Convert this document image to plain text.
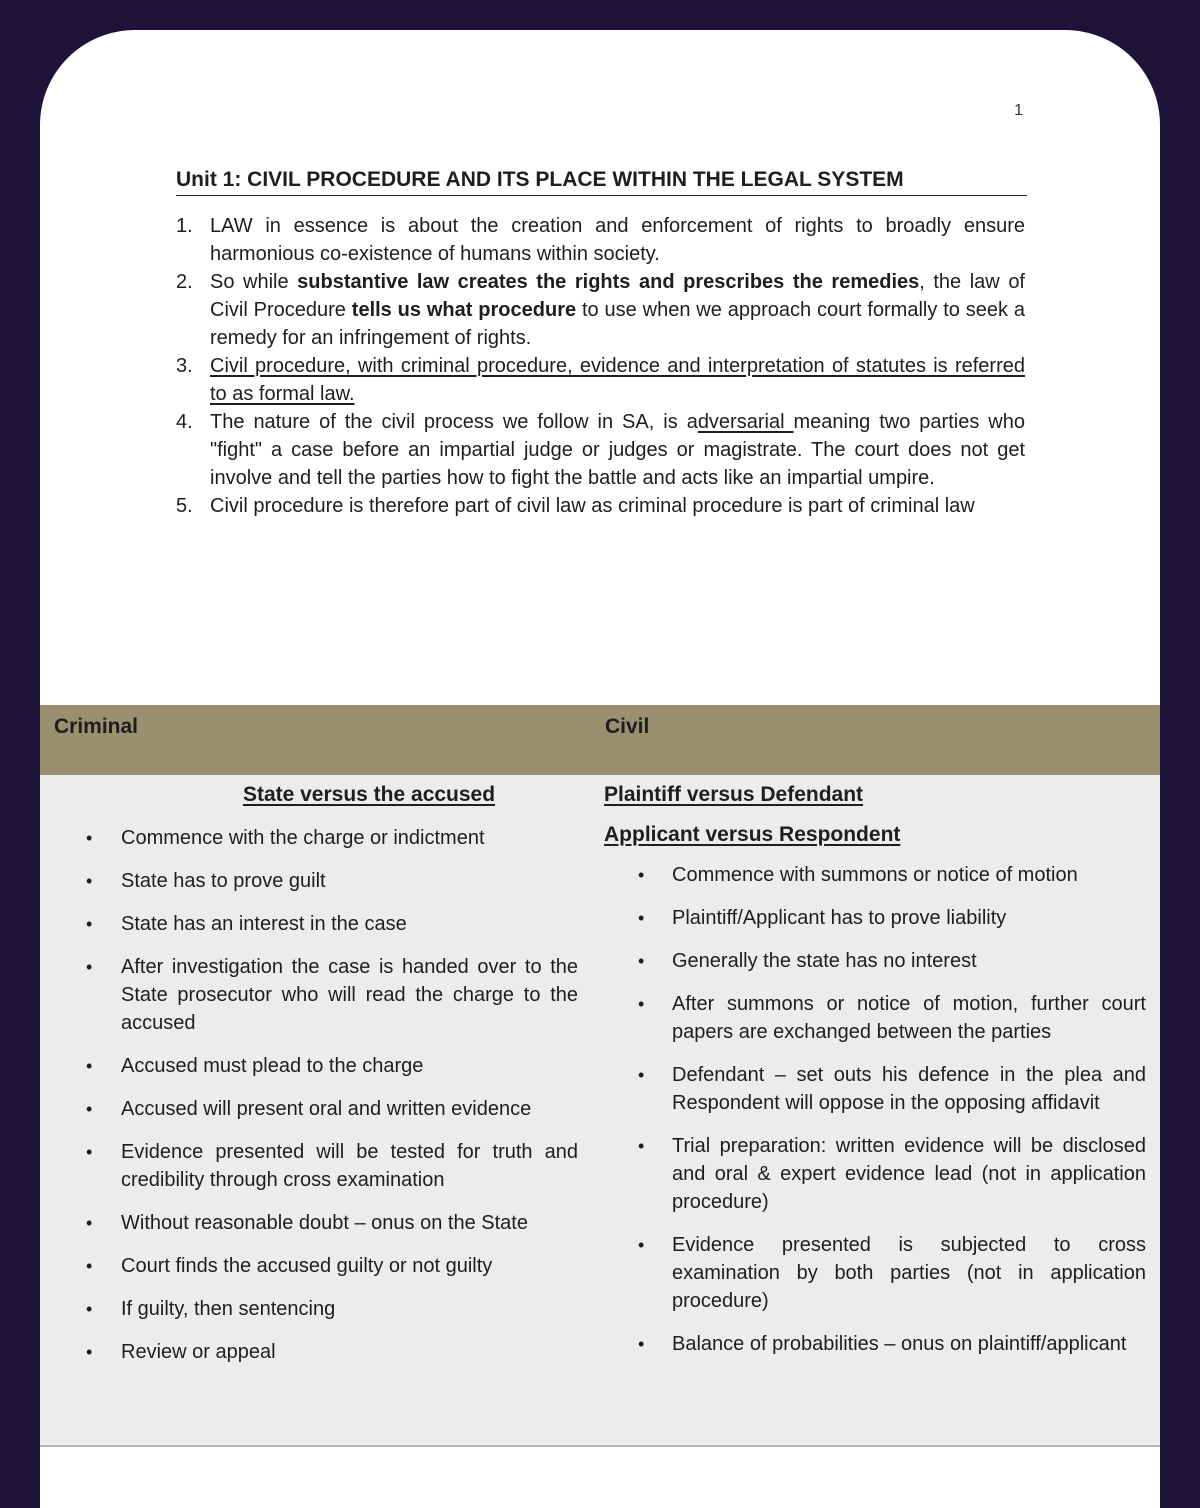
1
Unit 1: CIVIL PROCEDURE AND ITS PLACE WITHIN THE LEGAL SYSTEM
1. LAW in essence is about the creation and enforcement of rights to broadly ensure harmonious co-existence of humans within society.
2. So while substantive law creates the rights and prescribes the remedies, the law of Civil Procedure tells us what procedure to use when we approach court formally to seek a remedy for an infringement of rights.
3. Civil procedure, with criminal procedure, evidence and interpretation of statutes is referred to as formal law.
4. The nature of the civil process we follow in SA, is adversarial meaning two parties who "fight" a case before an impartial judge or judges or magistrate. The court does not get involve and tell the parties how to fight the battle and acts like an impartial umpire.
5. Civil procedure is therefore part of civil law as criminal procedure is part of criminal law
Criminal	Civil
State versus the accused
• Commence with the charge or indictment
• State has to prove guilt
• State has an interest in the case
• After investigation the case is handed over to the State prosecutor who will read the charge to the accused
• Accused must plead to the charge
• Accused will present oral and written evidence
• Evidence presented will be tested for truth and credibility through cross examination
• Without reasonable doubt – onus on the State
• Court finds the accused guilty or not guilty
• If guilty, then sentencing
• Review or appeal
Plaintiff versus Defendant
Applicant versus Respondent
• Commence with summons or notice of motion
• Plaintiff/Applicant has to prove liability
• Generally the state has no interest
• After summons or notice of motion, further court papers are exchanged between the parties
• Defendant – set outs his defence in the plea and Respondent will oppose in the opposing affidavit
• Trial preparation: written evidence will be disclosed and oral & expert evidence lead (not in application procedure)
• Evidence presented is subjected to cross examination by both parties (not in application procedure)
• Balance of probabilities – onus on plaintiff/applicant
